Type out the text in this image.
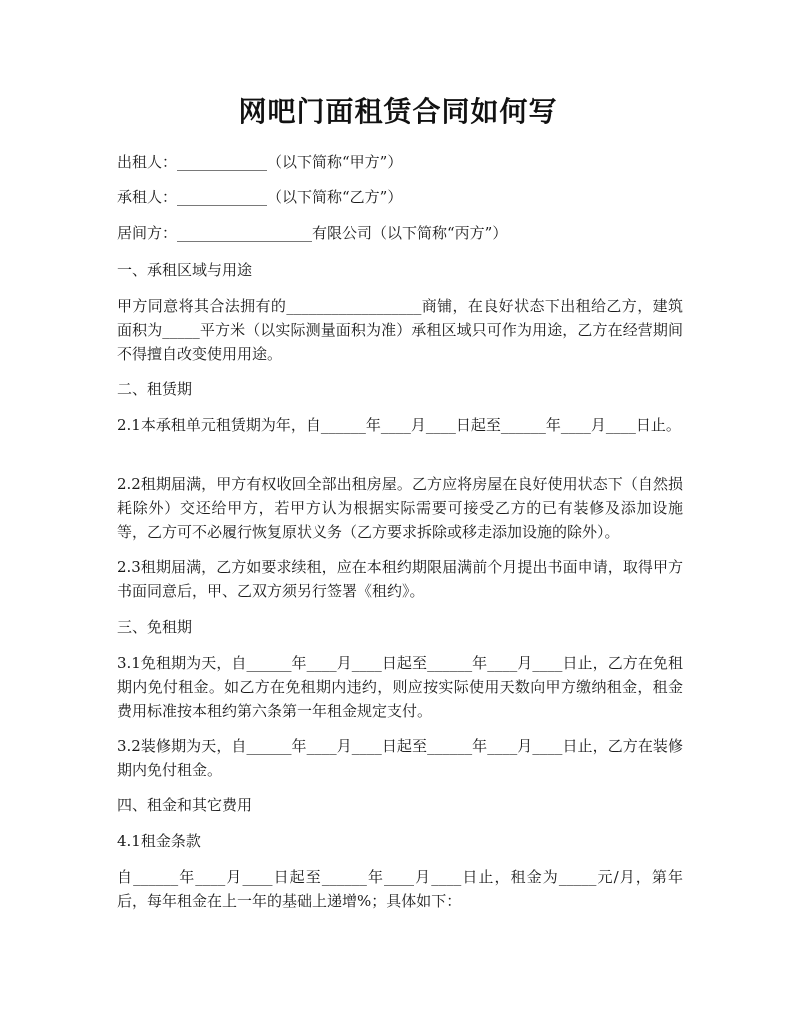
网吧门面租赁合同如何写
出租人：____________（以下简称“甲方”）
承租人：____________（以下简称“乙方”）
居间方：__________________有限公司（以下简称“丙方”）
一、承租区域与用途
甲方同意将其合法拥有的__________________商铺，在良好状态下出租给乙方，建筑面积为_____平方米（以实际测量面积为准）承租区域只可作为用途，乙方在经营期间不得擅自改变使用用途。
二、租赁期
2.1本承租单元租赁期为年，自______年____月____日起至______年____月____日止。
2.2租期届满，甲方有权收回全部出租房屋。乙方应将房屋在良好使用状态下（自然损耗除外）交还给甲方，若甲方认为根据实际需要可接受乙方的已有装修及添加设施等，乙方可不必履行恢复原状义务（乙方要求拆除或移走添加设施的除外）。
2.3租期届满，乙方如要求续租，应在本租约期限届满前个月提出书面申请，取得甲方书面同意后，甲、乙双方须另行签署《租约》。
三、免租期
3.1免租期为天，自______年____月____日起至______年____月____日止，乙方在免租期内免付租金。如乙方在免租期内违约，则应按实际使用天数向甲方缴纳租金，租金费用标准按本租约第六条第一年租金规定支付。
3.2装修期为天，自______年____月____日起至______年____月____日止，乙方在装修期内免付租金。
四、租金和其它费用
4.1租金条款
自______年____月____日起至______年____月____日止，租金为_____元/月，第年后，每年租金在上一年的基础上递增%；具体如下：
